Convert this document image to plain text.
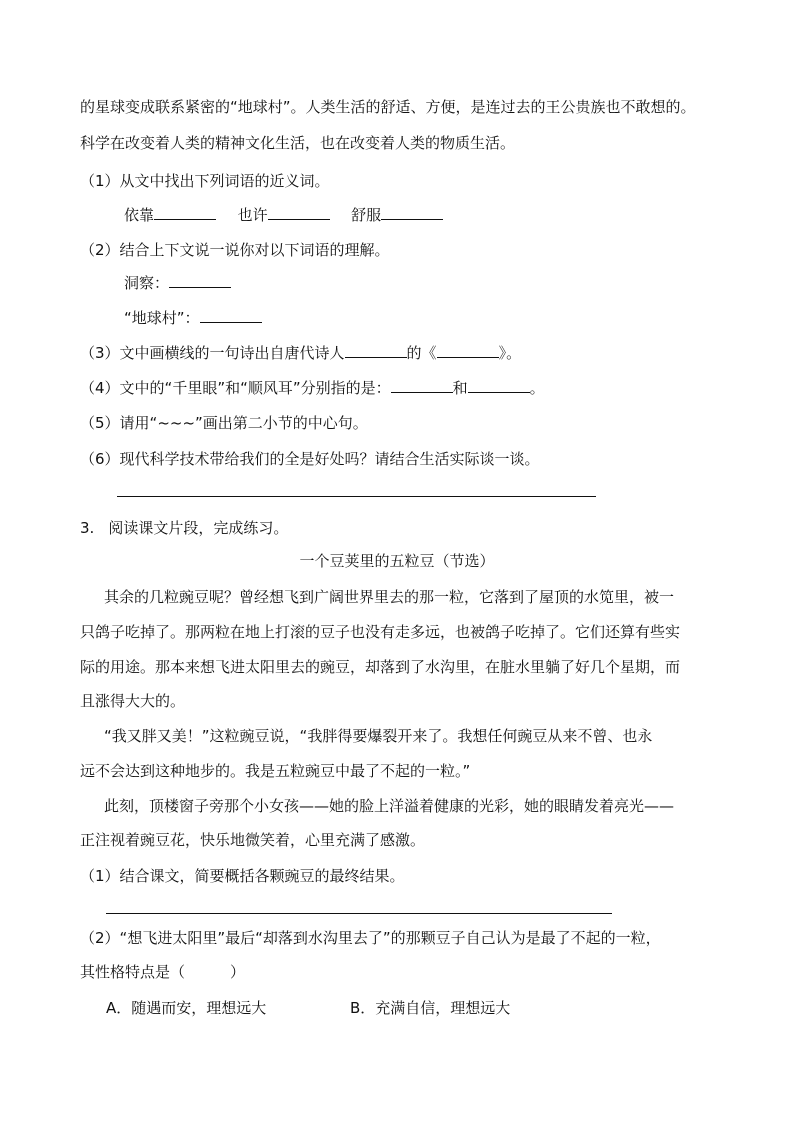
的星球变成联系紧密的“地球村”。人类生活的舒适、方便，是连过去的王公贵族也不敢想的。
科学在改变着人类的精神文化生活，也在改变着人类的物质生活。
（1）从文中找出下列词语的近义词。
依靠	也许	舒服
（2）结合上下文说一说你对以下词语的理解。
洞察：
“地球村”：
（3）文中画横线的一句诗出自唐代诗人	的《	》。
（4）文中的“千里眼”和“顺风耳”分别指的是：	和	。
（5）请用“~~~”画出第二小节的中心句。
（6）现代科学技术带给我们的全是好处吗？请结合生活实际谈一谈。
3. 阅读课文片段，完成练习。
一个豆荚里的五粒豆（节选）
其余的几粒豌豆呢？曾经想飞到广阔世界里去的那一粒，它落到了屋顶的水笕里，被一
只鸽子吃掉了。那两粒在地上打滚的豆子也没有走多远，也被鸽子吃掉了。它们还算有些实
际的用途。那本来想飞进太阳里去的豌豆，却落到了水沟里，在脏水里躺了好几个星期，而
且涨得大大的。
“我又胖又美！”这粒豌豆说，“我胖得要爆裂开来了。我想任何豌豆从来不曾、也永
远不会达到这种地步的。我是五粒豌豆中最了不起的一粒。”
此刻，顶楼窗子旁那个小女孩——她的脸上洋溢着健康的光彩，她的眼睛发着亮光——
正注视着豌豆花，快乐地微笑着，心里充满了感激。
（1）结合课文，简要概括各颗豌豆的最终结果。
（2）“想飞进太阳里”最后“却落到水沟里去了”的那颗豆子自己认为是最了不起的一粒，
其性格特点是（　　　）
A．随遇而安，理想远大	B．充满自信，理想远大
